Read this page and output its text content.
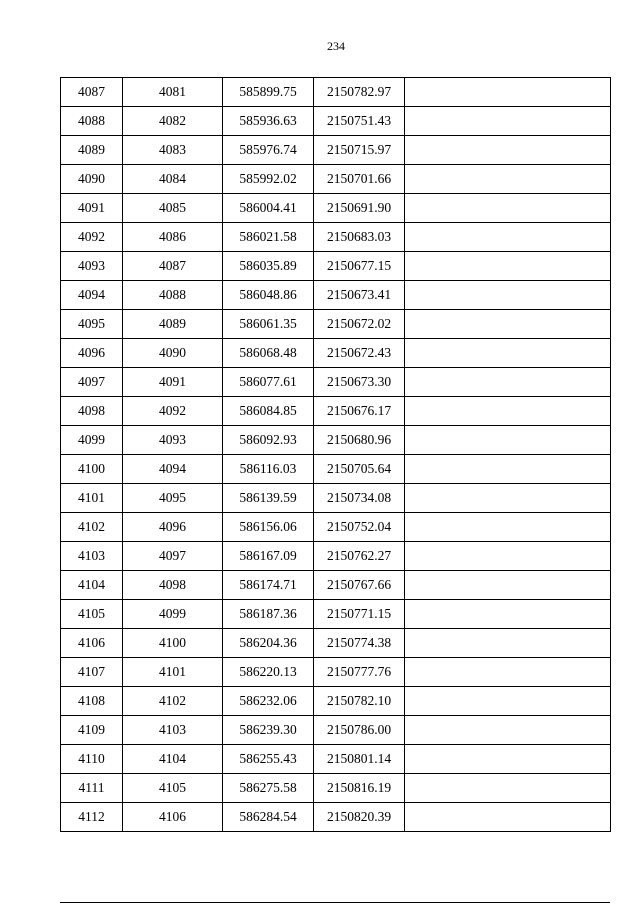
234
4087	4081	585899.75	2150782.97	
4088	4082	585936.63	2150751.43	
4089	4083	585976.74	2150715.97	
4090	4084	585992.02	2150701.66	
4091	4085	586004.41	2150691.90	
4092	4086	586021.58	2150683.03	
4093	4087	586035.89	2150677.15	
4094	4088	586048.86	2150673.41	
4095	4089	586061.35	2150672.02	
4096	4090	586068.48	2150672.43	
4097	4091	586077.61	2150673.30	
4098	4092	586084.85	2150676.17	
4099	4093	586092.93	2150680.96	
4100	4094	586116.03	2150705.64	
4101	4095	586139.59	2150734.08	
4102	4096	586156.06	2150752.04	
4103	4097	586167.09	2150762.27	
4104	4098	586174.71	2150767.66	
4105	4099	586187.36	2150771.15	
4106	4100	586204.36	2150774.38	
4107	4101	586220.13	2150777.76	
4108	4102	586232.06	2150782.10	
4109	4103	586239.30	2150786.00	
4110	4104	586255.43	2150801.14	
4111	4105	586275.58	2150816.19	
4112	4106	586284.54	2150820.39	
